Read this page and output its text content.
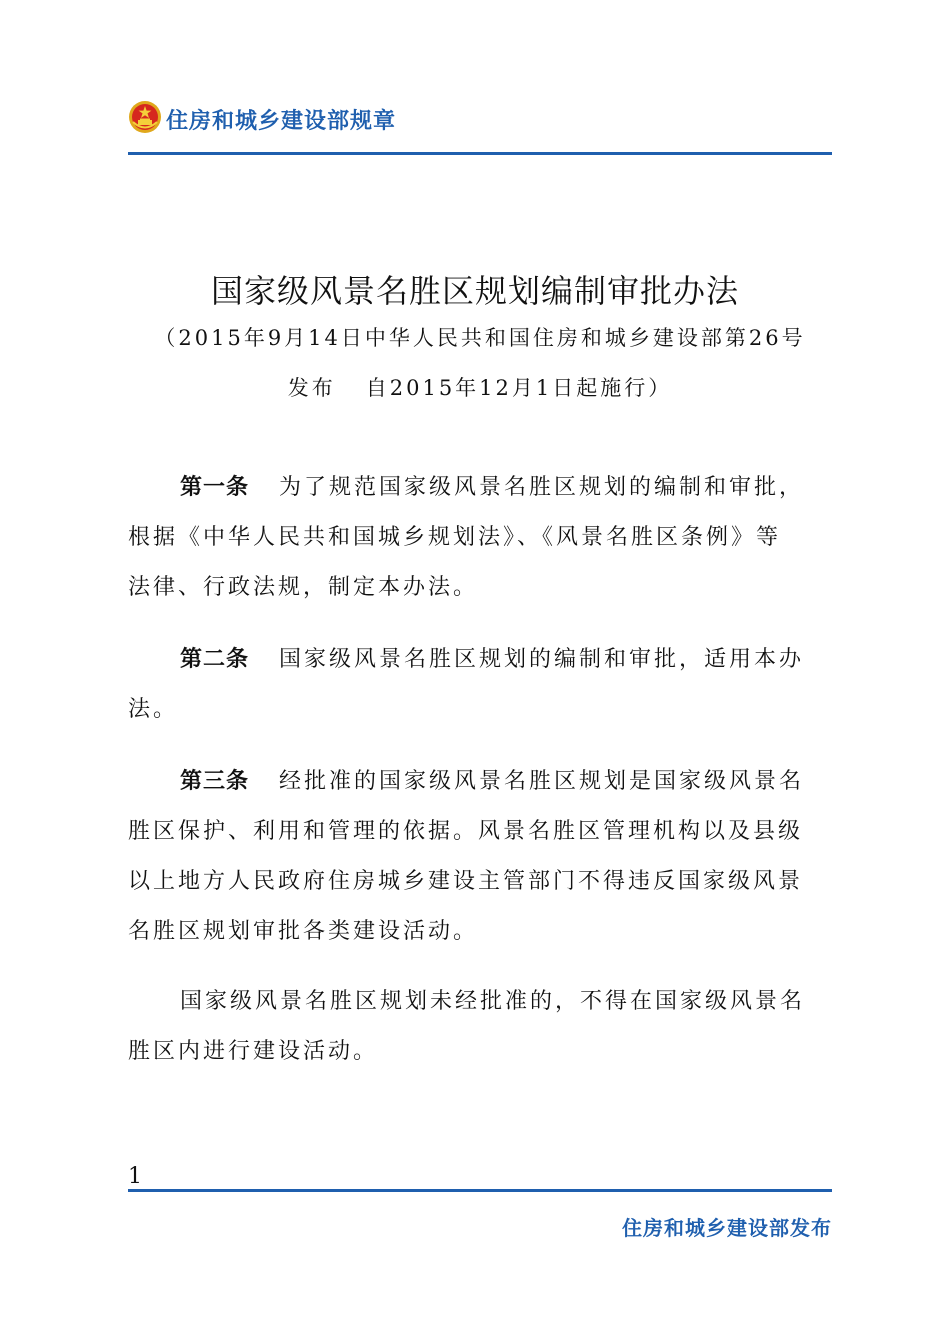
住房和城乡建设部规章
国家级风景名胜区规划编制审批办法
（2015年9月14日中华人民共和国住房和城乡建设部第26号
发布 自2015年12月1日起施行）
第一条 为了规范国家级风景名胜区规划的编制和审批，
根据《中华人民共和国城乡规划法》、《风景名胜区条例》等
法律、行政法规，制定本办法。
第二条 国家级风景名胜区规划的编制和审批，适用本办
法。
第三条 经批准的国家级风景名胜区规划是国家级风景名
胜区保护、利用和管理的依据。风景名胜区管理机构以及县级
以上地方人民政府住房城乡建设主管部门不得违反国家级风景
名胜区规划审批各类建设活动。
国家级风景名胜区规划未经批准的，不得在国家级风景名
胜区内进行建设活动。
1
住房和城乡建设部发布
